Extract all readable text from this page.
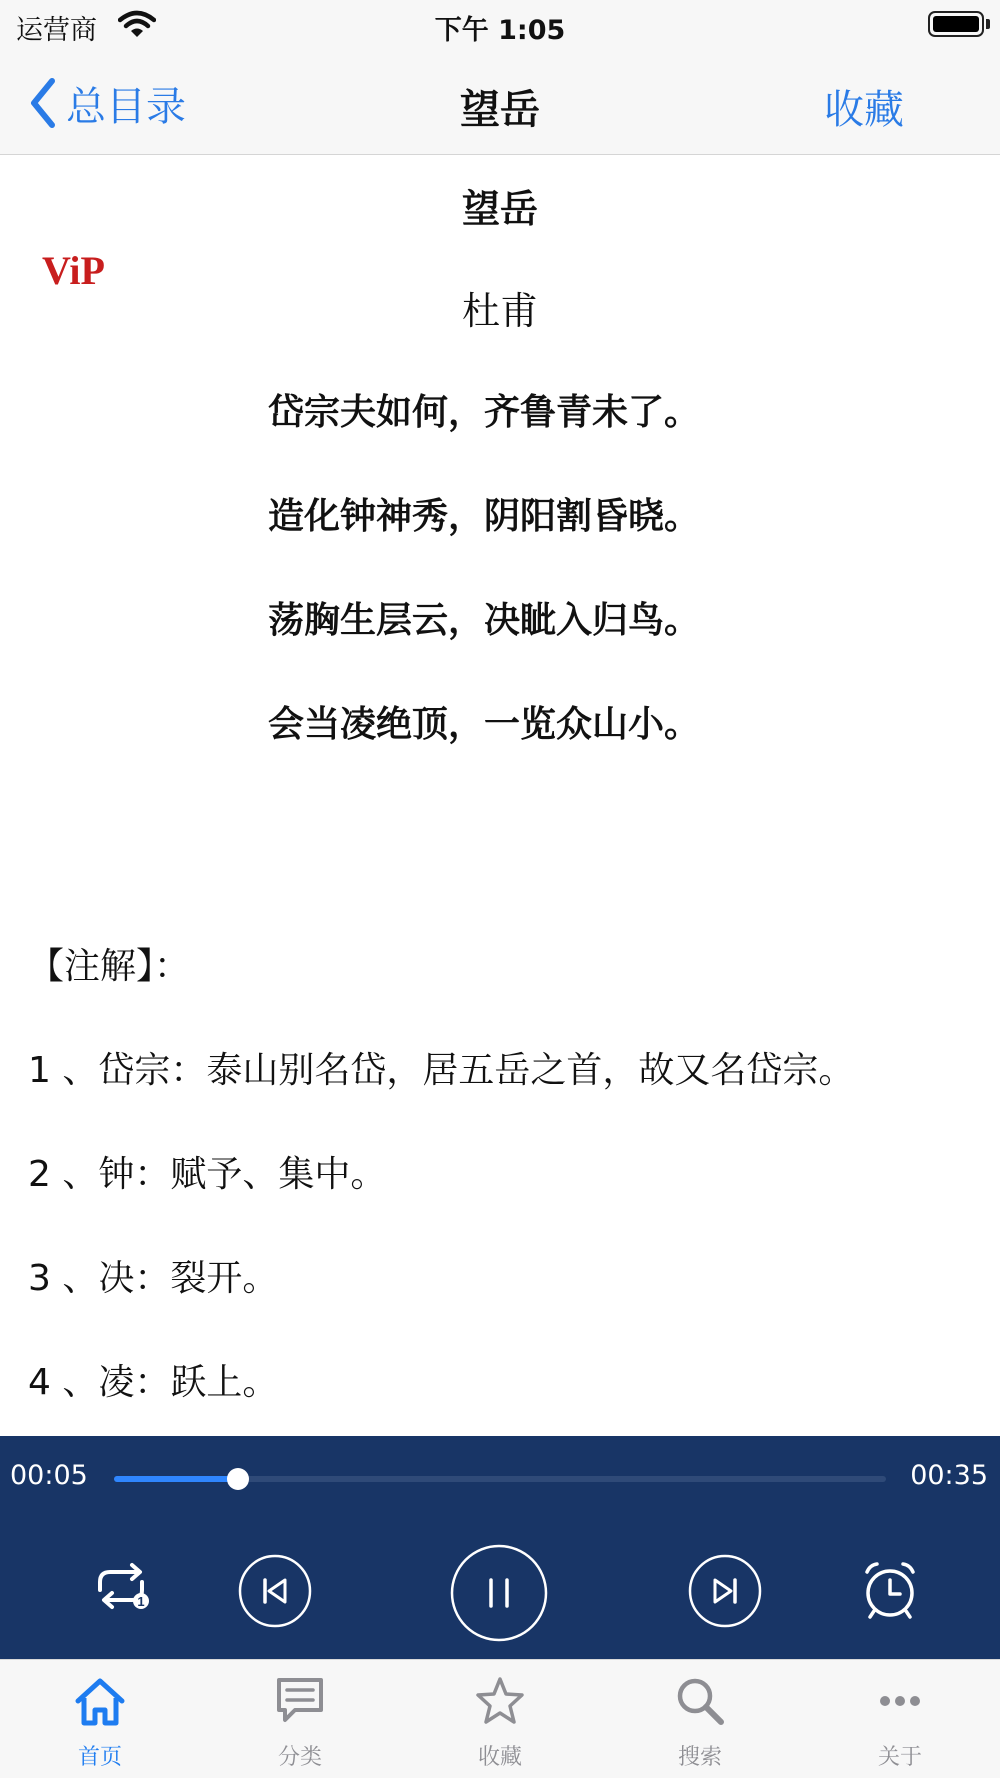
运营商	下午 1:05
总目录	望岳	收藏
望岳
ViP
杜甫
岱宗夫如何，齐鲁青未了。
造化钟神秀，阴阳割昏晓。
荡胸生层云，决眦入归鸟。
会当凌绝顶，一览众山小。
【注解】：
1 、岱宗：泰山别名岱，居五岳之首，故又名岱宗。
2 、钟：赋予、集中。
3 、决：裂开。
4 、凌：跃上。
00:05	00:35
1
首页	分类	收藏	搜索	关于
